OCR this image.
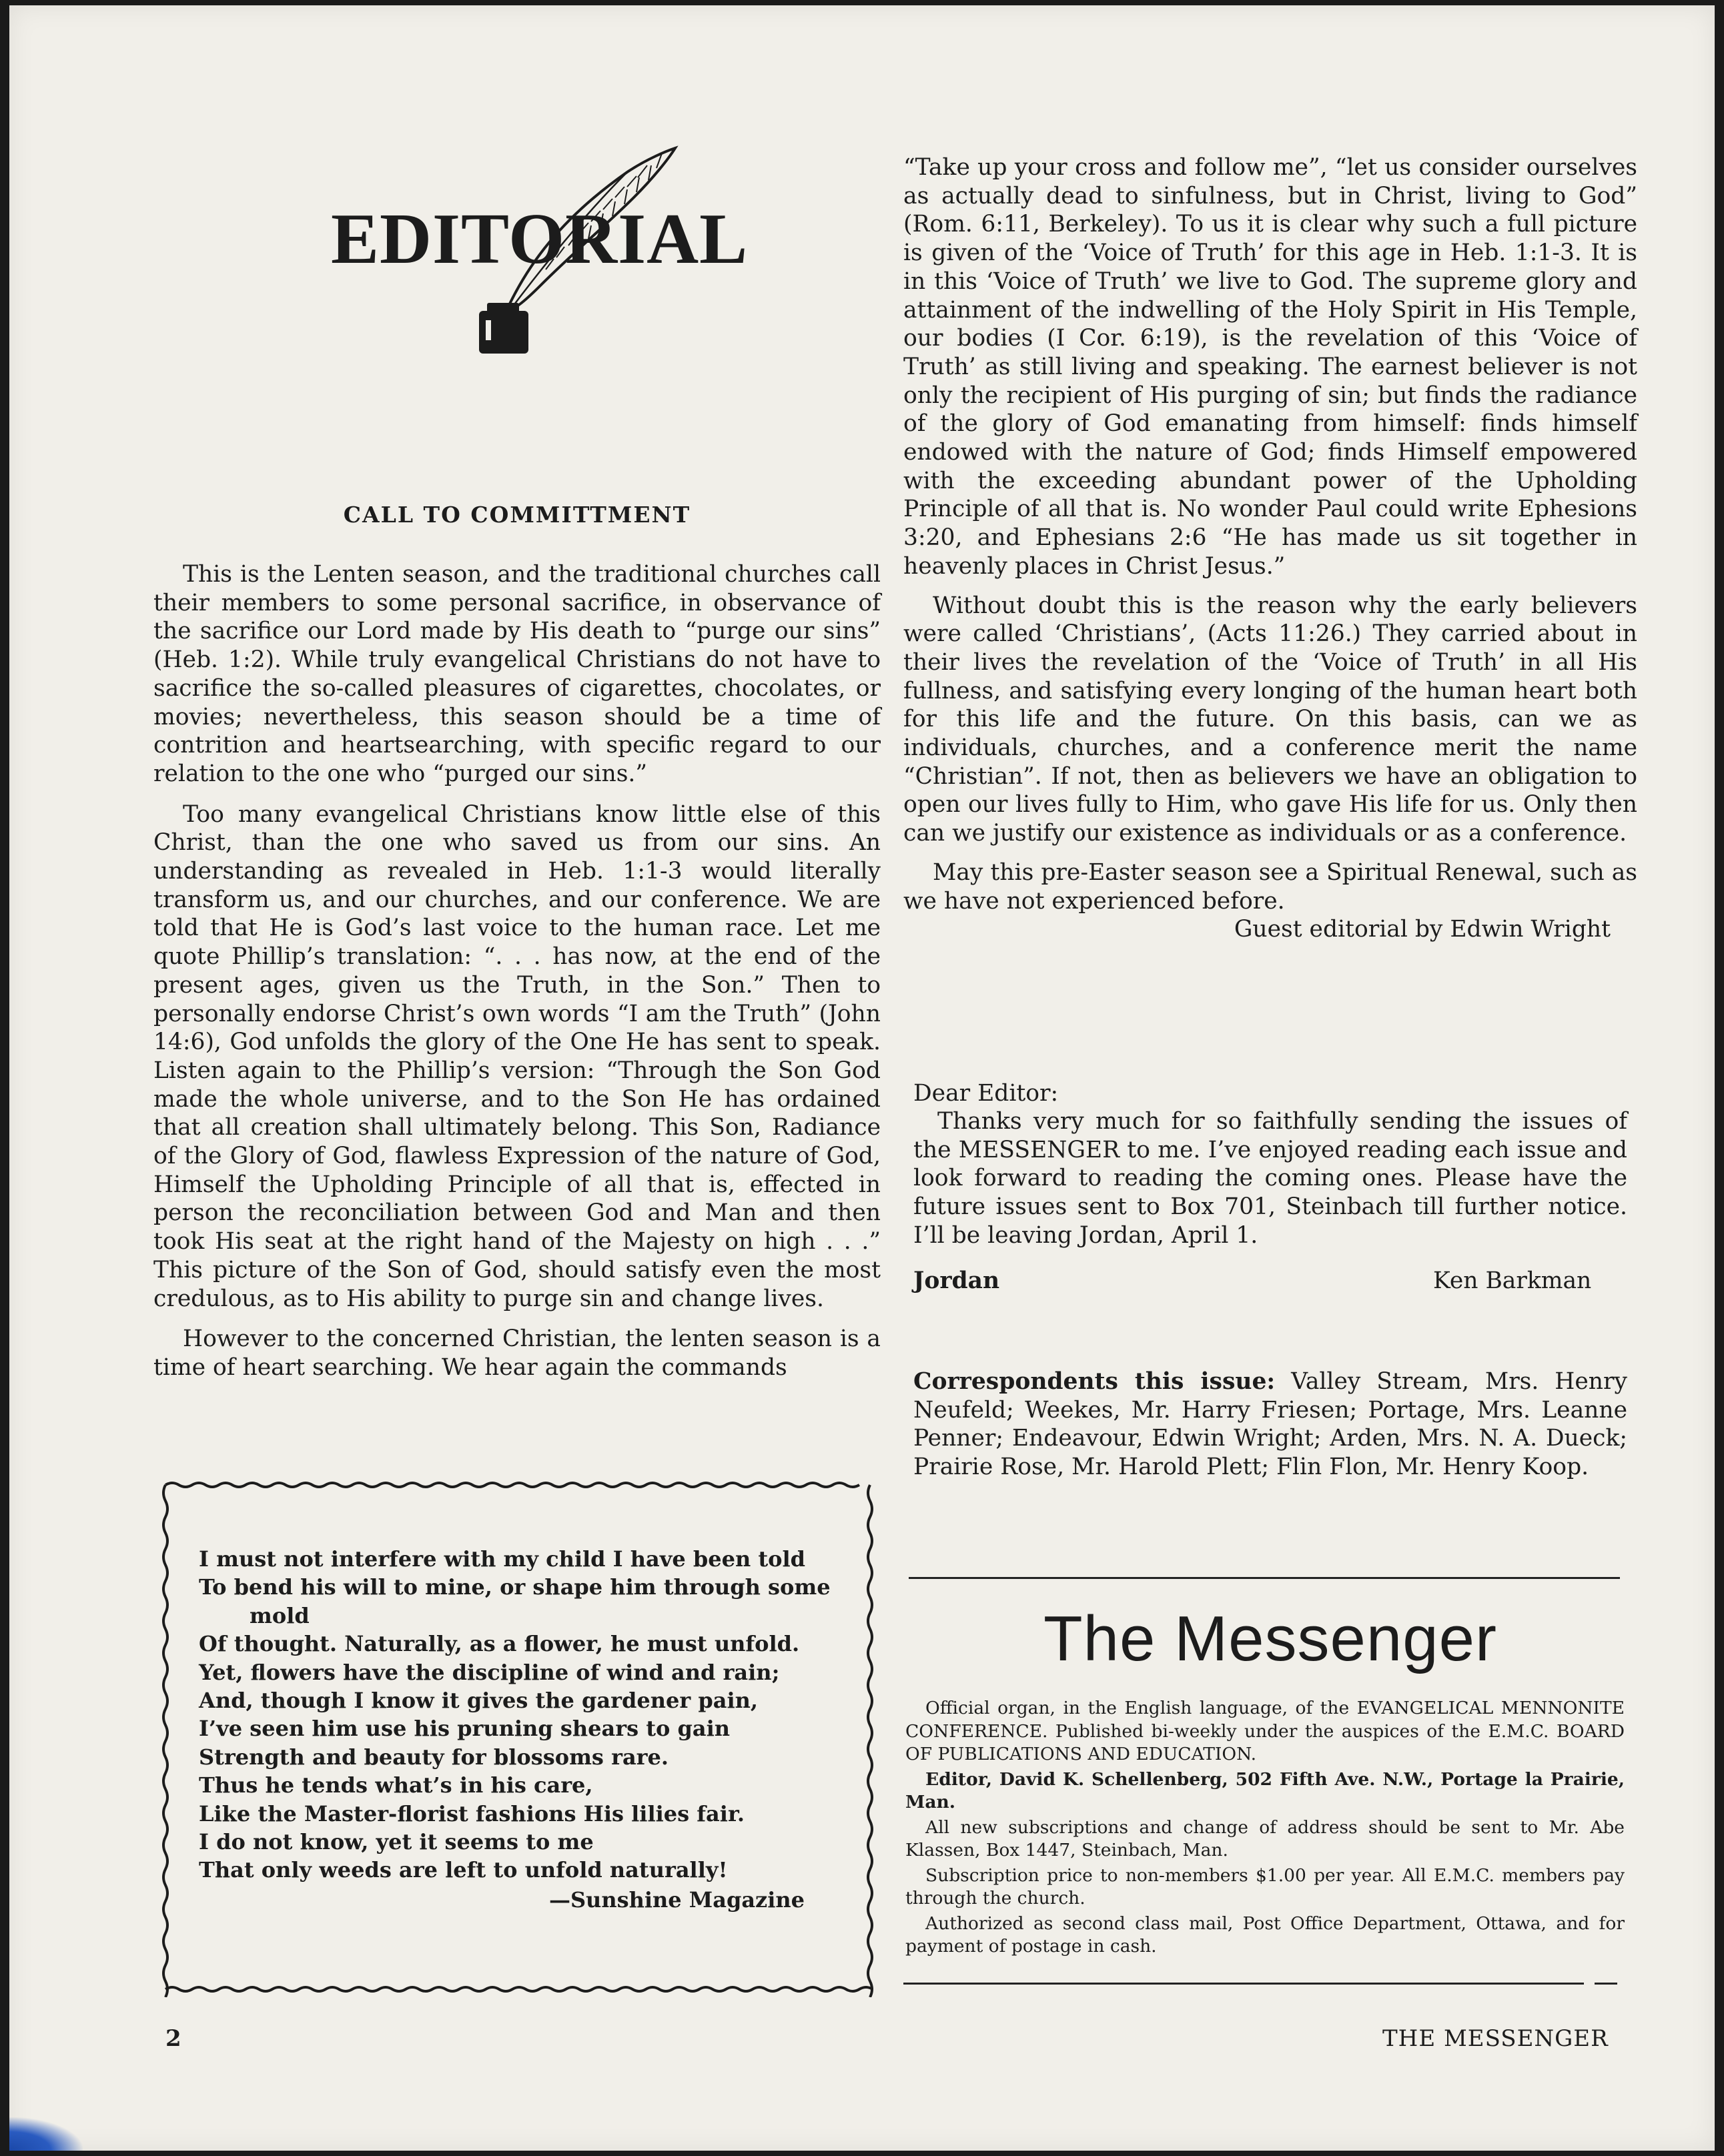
EDITORIAL
CALL TO COMMITTMENT

This is the Lenten season, and the traditional churches call their members to some personal sacrifice, in observance of the sacrifice our Lord made by His death to “purge our sins” (Heb. 1:2). While truly evangelical Christians do not have to sacrifice the so-called pleasures of cigarettes, chocolates, or movies; nevertheless, this season should be a time of contrition and heartsearching, with specific regard to our relation to the one who “purged our sins.”

Too many evangelical Christians know little else of this Christ, than the one who saved us from our sins. An understanding as revealed in Heb. 1:1-3 would literally transform us, and our churches, and our conference. We are told that He is God’s last voice to the human race. Let me quote Phillip’s translation: “. . . has now, at the end of the present ages, given us the Truth, in the Son.” Then to personally endorse Christ’s own words “I am the Truth” (John 14:6), God unfolds the glory of the One He has sent to speak. Listen again to the Phillip’s version: “Through the Son God made the whole universe, and to the Son He has ordained that all creation shall ultimately belong. This Son, Radiance of the Glory of God, flawless Expression of the nature of God, Himself the Upholding Principle of all that is, effected in person the reconciliation between God and Man and then took His seat at the right hand of the Majesty on high . . .” This picture of the Son of God, should satisfy even the most credulous, as to His ability to purge sin and change lives.

However to the concerned Christian, the lenten season is a time of heart searching. We hear again the commands

“Take up your cross and follow me”, “let us consider ourselves as actually dead to sinfulness, but in Christ, living to God” (Rom. 6:11, Berkeley). To us it is clear why such a full picture is given of the ‘Voice of Truth’ for this age in Heb. 1:1-3. It is in this ‘Voice of Truth’ we live to God. The supreme glory and attainment of the indwelling of the Holy Spirit in His Temple, our bodies (I Cor. 6:19), is the revelation of this ‘Voice of Truth’ as still living and speaking. The earnest believer is not only the recipient of His purging of sin; but finds the radiance of the glory of God emanating from himself: finds himself endowed with the nature of God; finds Himself empowered with the exceeding abundant power of the Upholding Principle of all that is. No wonder Paul could write Ephesions 3:20, and Ephesians 2:6 “He has made us sit together in heavenly places in Christ Jesus.”

Without doubt this is the reason why the early believers were called ‘Christians’, (Acts 11:26.) They carried about in their lives the revelation of the ‘Voice of Truth’ in all His fullness, and satisfying every longing of the human heart both for this life and the future. On this basis, can we as individuals, churches, and a conference merit the name “Christian”. If not, then as believers we have an obligation to open our lives fully to Him, who gave His life for us. Only then can we justify our existence as individuals or as a conference.

May this pre-Easter season see a Spiritual Renewal, such as we have not experienced before.

Guest editorial by Edwin Wright

Dear Editor:

Thanks very much for so faithfully sending the issues of the MESSENGER to me. I’ve enjoyed reading each issue and look forward to reading the coming ones. Please have the future issues sent to Box 701, Steinbach till further notice. I’ll be leaving Jordan, April 1.

Jordan	Ken Barkman

Correspondents this issue: Valley Stream, Mrs. Henry Neufeld; Weekes, Mr. Harry Friesen; Portage, Mrs. Leanne Penner; Endeavour, Edwin Wright; Arden, Mrs. N. A. Dueck; Prairie Rose, Mr. Harold Plett; Flin Flon, Mr. Henry Koop.

The Messenger

Official organ, in the English language, of the EVANGELICAL MENNONITE CONFERENCE. Published bi-weekly under the auspices of the E.M.C. BOARD OF PUBLICATIONS AND EDUCATION.

Editor, David K. Schellenberg, 502 Fifth Ave. N.W., Portage la Prairie, Man.

All new subscriptions and change of address should be sent to Mr. Abe Klassen, Box 1447, Steinbach, Man.

Subscription price to non-members $1.00 per year. All E.M.C. members pay through the church.

Authorized as second class mail, Post Office Department, Ottawa, and for payment of postage in cash.

I must not interfere with my child I have been told
To bend his will to mine, or shape him through some
mold
Of thought. Naturally, as a flower, he must unfold.
Yet, flowers have the discipline of wind and rain;
And, though I know it gives the gardener pain,
I’ve seen him use his pruning shears to gain
Strength and beauty for blossoms rare.
Thus he tends what’s in his care,
Like the Master-florist fashions His lilies fair.
I do not know, yet it seems to me
That only weeds are left to unfold naturally!
—Sunshine Magazine
2	THE MESSENGER
